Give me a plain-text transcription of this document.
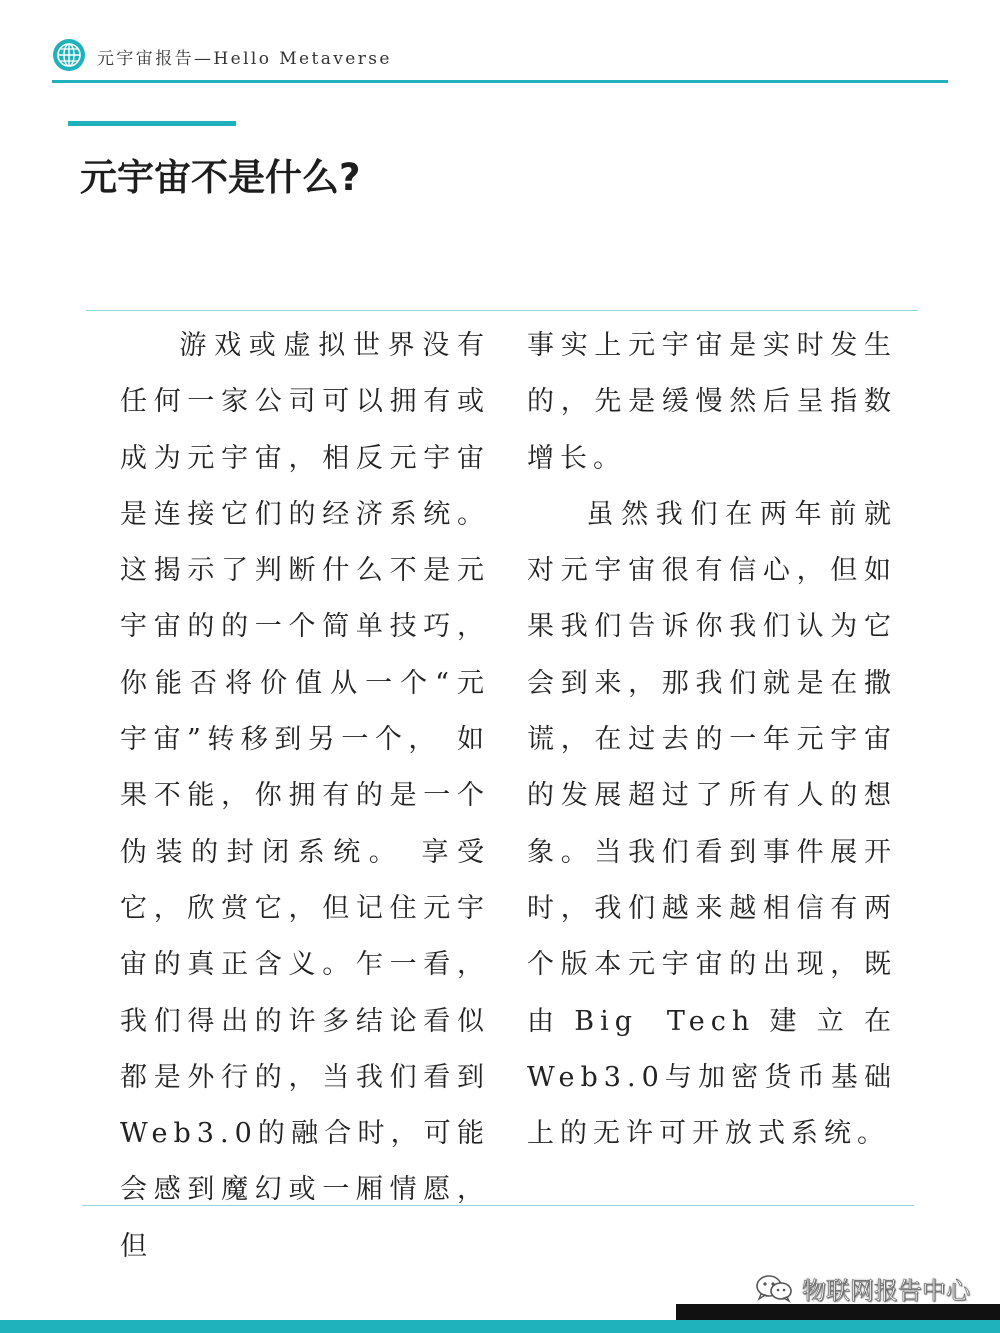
元宇宙报告—Hello Metaverse
元宇宙不是什么?

游戏或虚拟世界没有任何一家公司可以拥有或成为元宇宙，相反元宇宙是连接它们的经济系统。这揭示了判断什么不是元宇宙的的一个简单技巧，你能否将价值从一个“元宇宙”转移到另一个， 如果不能，你拥有的是一个伪装的封闭系统。 享受它，欣赏它，但记住元宇宙的真正含义。乍一看，我们得出的许多结论看似都是外行的，当我们看到Web3.0的融合时，可能会感到魔幻或一厢情愿，但

事实上元宇宙是实时发生的，先是缓慢然后呈指数增长。

虽然我们在两年前就对元宇宙很有信心，但如果我们告诉你我们认为它会到来，那我们就是在撒谎，在过去的一年元宇宙的发展超过了所有人的想象。当我们看到事件展开时，我们越来越相信有两个版本元宇宙的出现，既由Big Tech建立在Web3.0与加密货币基础上的无许可开放式系统。

物联网报告中心
